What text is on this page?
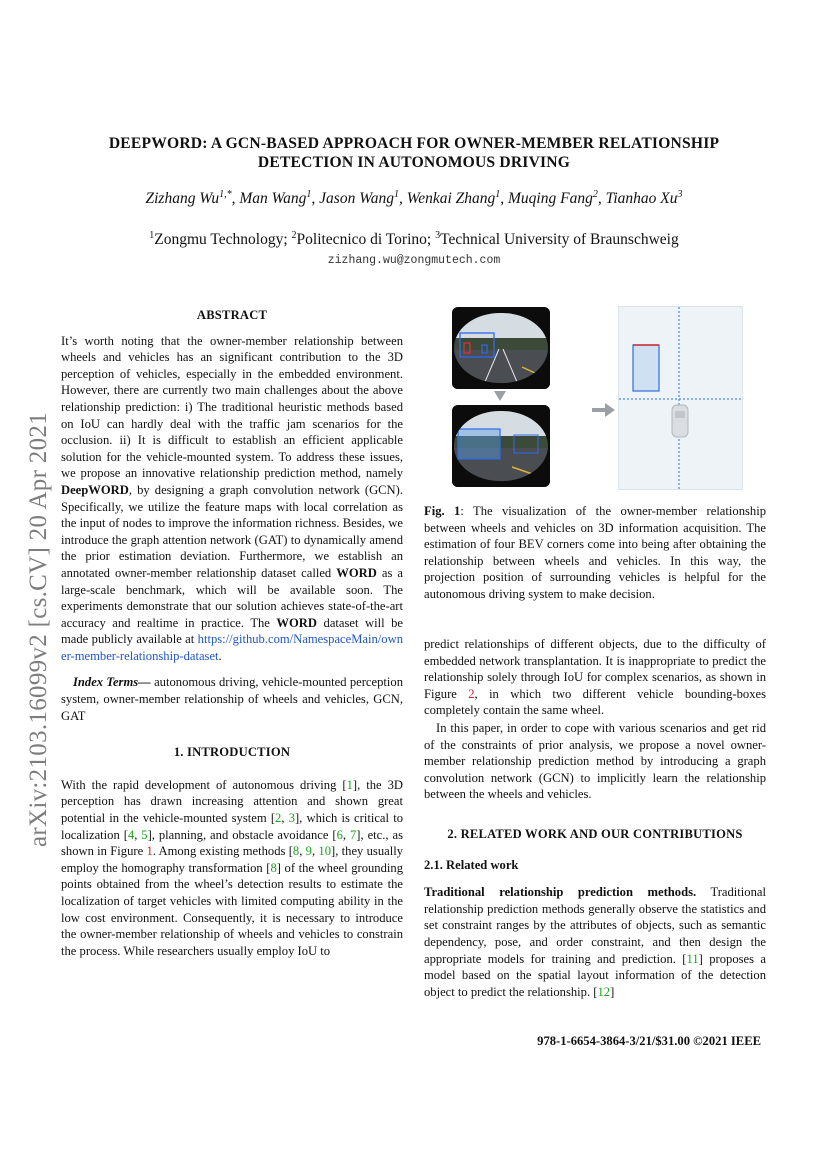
arXiv:2103.16099v2 [cs.CV] 20 Apr 2021
DEEPWORD: A GCN-BASED APPROACH FOR OWNER-MEMBER RELATIONSHIP
DETECTION IN AUTONOMOUS DRIVING
Zizhang $Wu^{1,*}$, Man Wang$^1$, Jason Wang$^1$, Wenkai Zhang$^1$, Muqing Fang$^2$, Tianhao Xu$^3$
$^1$Zongmu Technology; $^2$Politecnico di Torino; $^3$Technical University of Braunschweig
zizhang.wu@zongmutech.com
ABSTRACT

It’s worth noting that the owner-member relationship between wheels and vehicles has an significant contribution to the 3D perception of vehicles, especially in the embedded environment. However, there are currently two main challenges about the above relationship prediction: i) The traditional heuristic methods based on IoU can hardly deal with the traffic jam scenarios for the occlusion. ii) It is difficult to establish an efficient applicable solution for the vehicle-mounted system. To address these issues, we propose an innovative relationship prediction method, namely DeepWORD, by designing a graph convolution network (GCN). Specifically, we utilize the feature maps with local correlation as the input of nodes to improve the information richness. Besides, we introduce the graph attention network (GAT) to dynamically amend the prior estimation deviation. Furthermore, we establish an annotated owner-member relationship dataset called WORD as a large-scale benchmark, which will be available soon. The experiments demonstrate that our solution achieves state-of-the-art accuracy and realtime in practice. The WORD dataset will be made publicly available at https://github.com/NamespaceMain/owner-member-relationship-dataset.

Index Terms— autonomous driving, vehicle-mounted perception system, owner-member relationship of wheels and vehicles, GCN, GAT

1. INTRODUCTION

With the rapid development of autonomous driving [1], the 3D perception has drawn increasing attention and shown great potential in the vehicle-mounted system [2, 3], which is critical to localization [4, 5], planning, and obstacle avoidance [6, 7], etc., as shown in Figure 1. Among existing methods [8, 9, 10], they usually employ the homography transformation [8] of the wheel grounding points obtained from the wheel’s detection results to estimate the localization of target vehicles with limited computing ability in the low cost environment. Consequently, it is necessary to introduce the owner-member relationship of wheels and vehicles to constrain the process. While researchers usually employ IoU to

Fig. 1: The visualization of the owner-member relationship between wheels and vehicles on 3D information acquisition. The estimation of four BEV corners come into being after obtaining the relationship between wheels and vehicles. In this way, the projection position of surrounding vehicles is helpful for the autonomous driving system to make decision.

predict relationships of different objects, due to the difficulty of embedded network transplantation. It is inappropriate to predict the relationship solely through IoU for complex scenarios, as shown in Figure 2, in which two different vehicle bounding-boxes completely contain the same wheel.

In this paper, in order to cope with various scenarios and get rid of the constraints of prior analysis, we propose a novel owner-member relationship prediction method by introducing a graph convolution network (GCN) to implicitly learn the relationship between the wheels and vehicles.

2. RELATED WORK AND OUR CONTRIBUTIONS
2.1. Related work

Traditional relationship prediction methods. Traditional relationship prediction methods generally observe the statistics and set constraint ranges by the attributes of objects, such as semantic dependency, pose, and order constraint, and then design the appropriate models for training and prediction. [11] proposes a model based on the spatial layout information of the detection object to predict the relationship. [12]

978-1-6654-3864-3/21/$31.00 ©2021 IEEE
